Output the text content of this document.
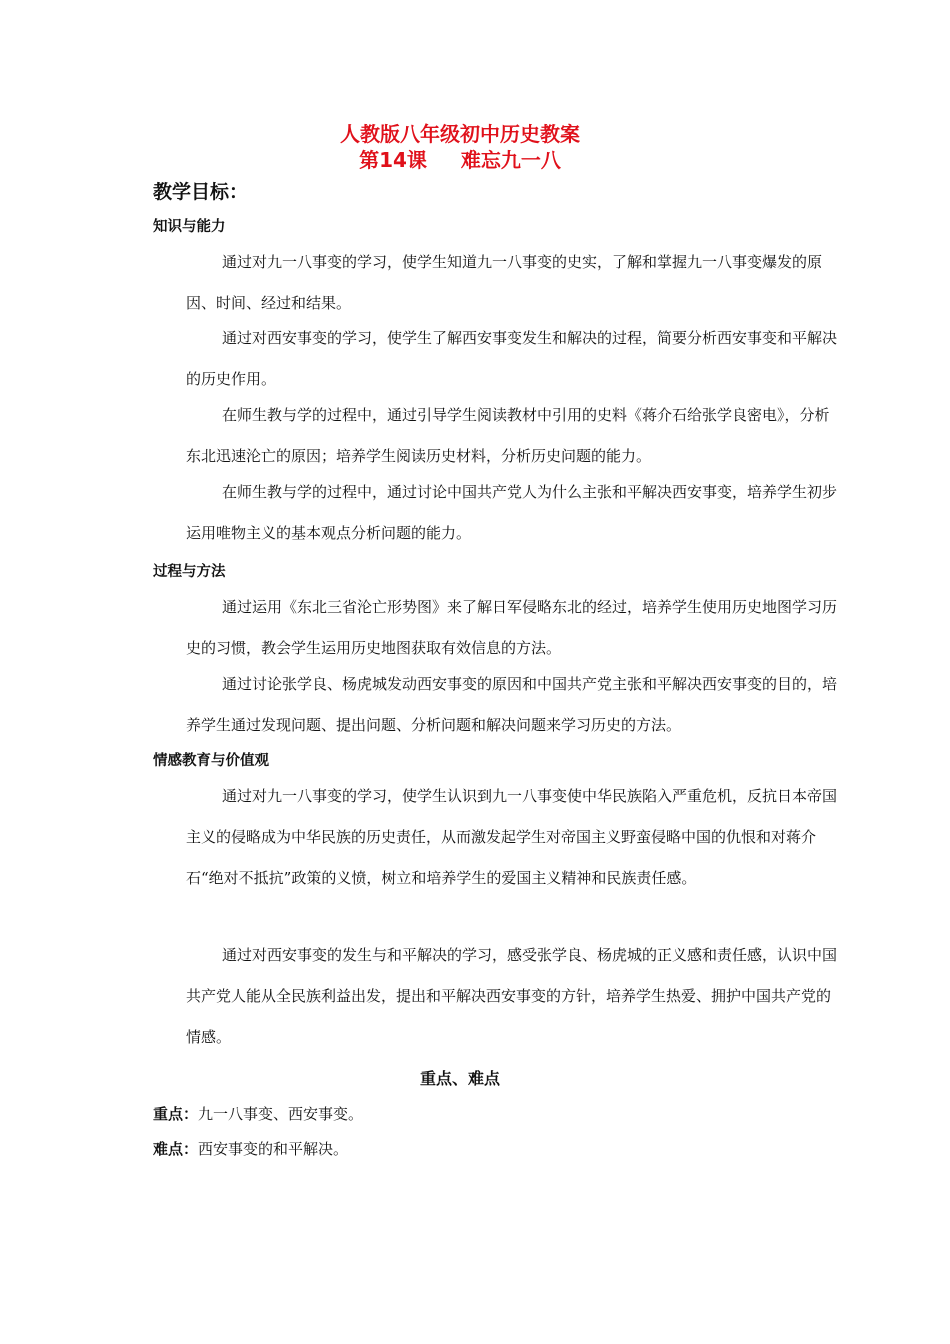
人教版八年级初中历史教案
第14课 难忘九一八
教学目标：
知识与能力

通过对九一八事变的学习，使学生知道九一八事变的史实，了解和掌握九一八事变爆发的原因、时间、经过和结果。

通过对西安事变的学习，使学生了解西安事变发生和解决的过程，简要分析西安事变和平解决的历史作用。

在师生教与学的过程中，通过引导学生阅读教材中引用的史料《蒋介石给张学良密电》，分析东北迅速沦亡的原因；培养学生阅读历史材料，分析历史问题的能力。

在师生教与学的过程中，通过讨论中国共产党人为什么主张和平解决西安事变，培养学生初步运用唯物主义的基本观点分析问题的能力。

过程与方法

通过运用《东北三省沦亡形势图》来了解日军侵略东北的经过，培养学生使用历史地图学习历史的习惯，教会学生运用历史地图获取有效信息的方法。

通过讨论张学良、杨虎城发动西安事变的原因和中国共产党主张和平解决西安事变的目的，培养学生通过发现问题、提出问题、分析问题和解决问题来学习历史的方法。

情感教育与价值观

通过对九一八事变的学习，使学生认识到九一八事变使中华民族陷入严重危机，反抗日本帝国主义的侵略成为中华民族的历史责任，从而激发起学生对帝国主义野蛮侵略中国的仇恨和对蒋介石“绝对不抵抗”政策的义愤，树立和培养学生的爱国主义精神和民族责任感。

通过对西安事变的发生与和平解决的学习，感受张学良、杨虎城的正义感和责任感，认识中国共产党人能从全民族利益出发，提出和平解决西安事变的方针，培养学生热爱、拥护中国共产党的情感。

重点、难点
重点：九一八事变、西安事变。
难点：西安事变的和平解决。
